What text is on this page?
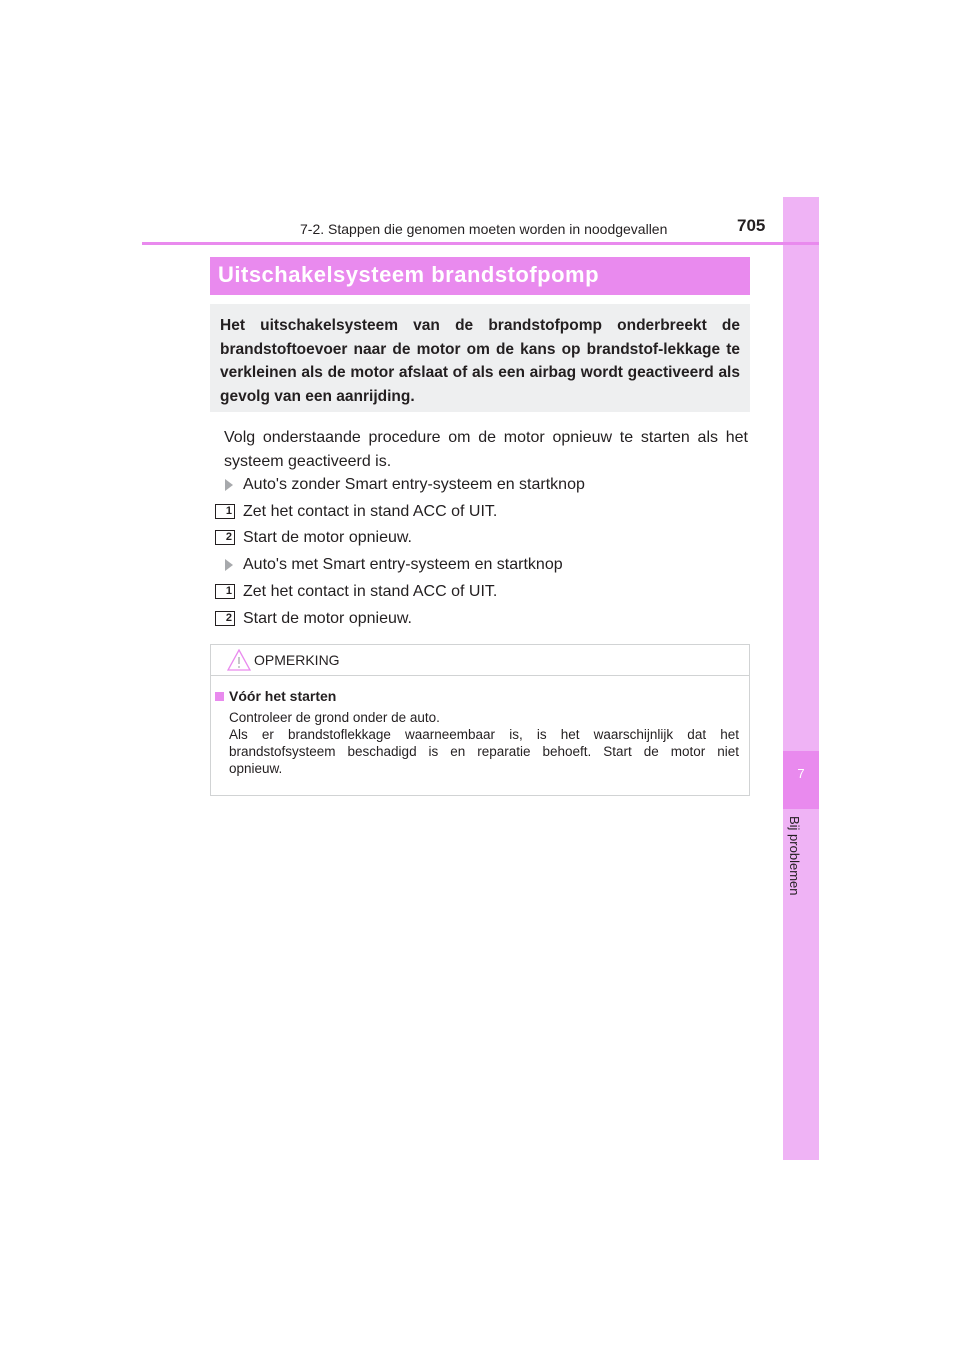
7
Bij problemen
7-2. Stappen die genomen moeten worden in noodgevallen	705
Uitschakelsysteem brandstofpomp
Het uitschakelsysteem van de brandstofpomp onderbreekt de brandstoftoevoer naar de motor om de kans op brandstof-lekkage te verkleinen als de motor afslaat of als een airbag wordt geactiveerd als gevolg van een aanrijding.
Volg onderstaande procedure om de motor opnieuw te starten als het systeem geactiveerd is.
Auto's zonder Smart entry-systeem en startknop
1 Zet het contact in stand ACC of UIT.
2 Start de motor opnieuw.
Auto's met Smart entry-systeem en startknop
1 Zet het contact in stand ACC of UIT.
2 Start de motor opnieuw.
OPMERKING
Vóór het starten

Controleer de grond onder de auto.

Als er brandstoflekkage waarneembaar is, is het waarschijnlijk dat het

brandstofsysteem beschadigd is en reparatie behoeft. Start de motor niet

opnieuw.
